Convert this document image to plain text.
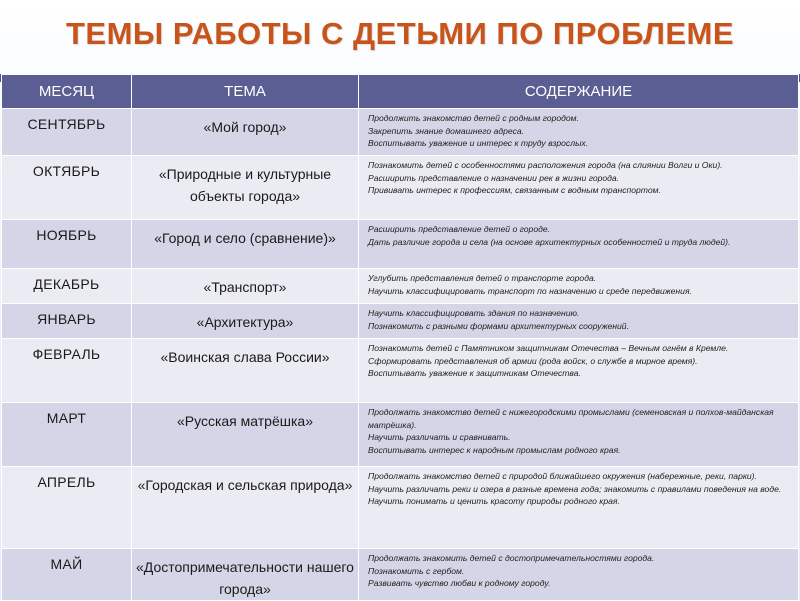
ТЕМЫ РАБОТЫ С ДЕТЬМИ ПО ПРОБЛЕМЕ
МЕСЯЦ	ТЕМА	СОДЕРЖАНИЕ
СЕНТЯБРЬ	«Мой город»	Продолжить знакомство детей с родным городом.
Закрепить знание домашнего адреса.
Воспитывать уважение и интерес к труду взрослых.

ОКТЯБРЬ	«Природные и культурные объекты города»	Познакомить детей с особенностями расположения города (на слиянии Волги и Оки).
Расширить представление о назначении рек в жизни города.
Прививать интерес к профессиям, связанным с водным транспортом.

НОЯБРЬ	«Город и село (сравнение)»	Расширить представление детей о городе.
Дать различие города и села (на основе архитектурных особенностей и труда людей).

ДЕКАБРЬ	«Транспорт»	Углубить представления детей о транспорте города.
Научить классифицировать транспорт по назначению и среде передвижения.

ЯНВАРЬ	«Архитектура»	Научить классифицировать здания по назначению.
Познакомить с разными формами архитектурных сооружений.

ФЕВРАЛЬ	«Воинская слава России»	Познакомить детей с Памятником защитникам Отечества – Вечным огнём в Кремле.
Сформировать представления об армии (рода войск, о службе в мирное время).
Воспитывать уважение к защитникам Отечества.

МАРТ	«Русская матрёшка»	Продолжать знакомство детей с нижегородскими промыслами (семеновская и полхов-майданская матрёшка).
Научить различать и сравнивать.
Воспитывать интерес к народным промыслам родного края.

АПРЕЛЬ	«Городская и сельская природа»	Продолжать знакомство детей с природой ближайшего окружения (набережные, реки, парки).
Научить различать реки и озера в разные времена года; знакомить с правилами поведения на воде.
Научить понимать и ценить красоту природы родного края.

МАЙ	«Достопримечательности нашего города»	Продолжать знакомить детей с достопримечательностями города.
Познакомить с гербом.
Развивать чувство любви к родному городу.
